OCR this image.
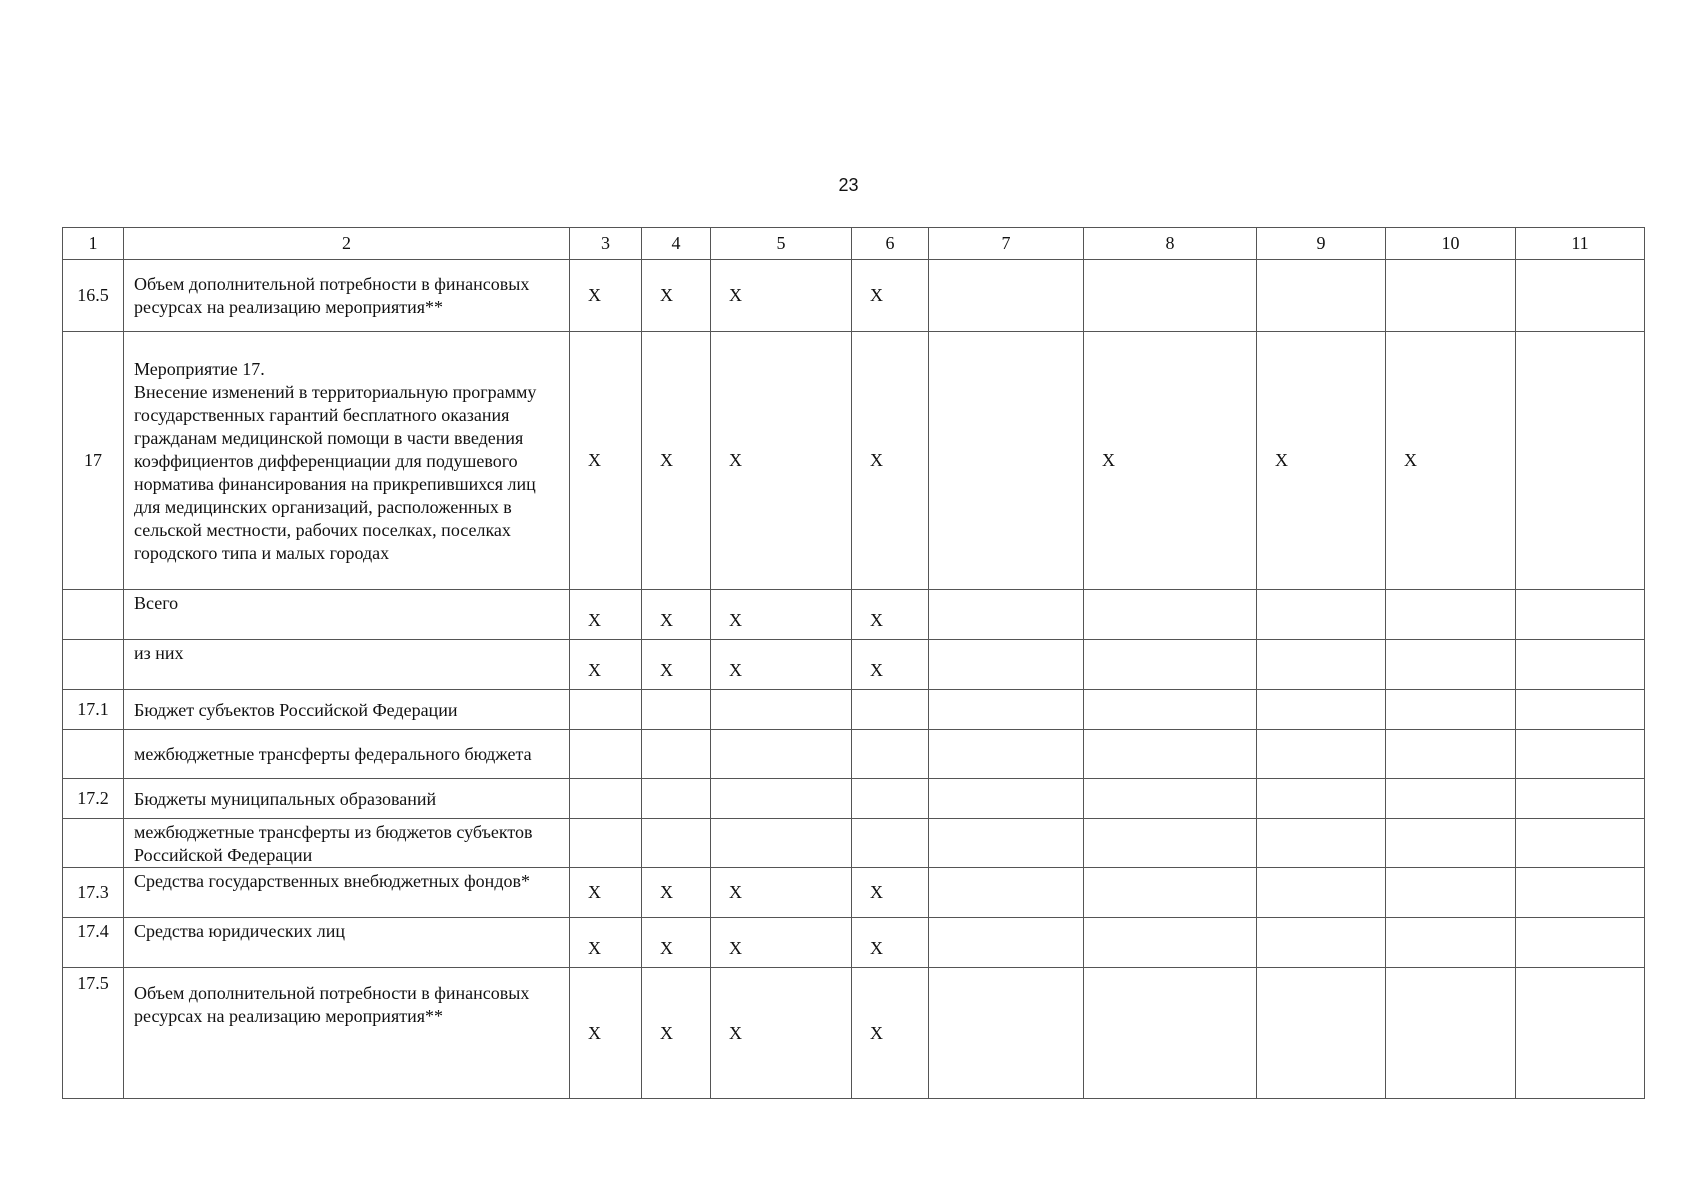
23
1	2	3	4	5	6	7	8	9	10	11
16.5	Объем дополнительной потребности в финансовых ресурсах на реализацию мероприятия**	X	X	X	X					
17	Мероприятие 17.
Внесение изменений в территориальную программу государственных гарантий бесплатного оказания гражданам медицинской помощи в части введения коэффициентов дифференциации для подушевого норматива финансирования на прикрепившихся лиц для медицинских организаций, расположенных в сельской местности, рабочих поселках, поселках городского типа и малых городах	X	X	X	X		X	X	X	
	Всего	X	X	X	X					
	из них	X	X	X	X					
17.1	Бюджет субъектов Российской Федерации									
	межбюджетные трансферты федерального бюджета									
17.2	Бюджеты муниципальных образований									
	межбюджетные трансферты из бюджетов субъектов Российской Федерации									
17.3	Средства государственных внебюджетных фондов*	X	X	X	X					
17.4	Средства юридических лиц	X	X	X	X					
17.5	Объем дополнительной потребности в финансовых ресурсах на реализацию мероприятия**	X	X	X	X					
